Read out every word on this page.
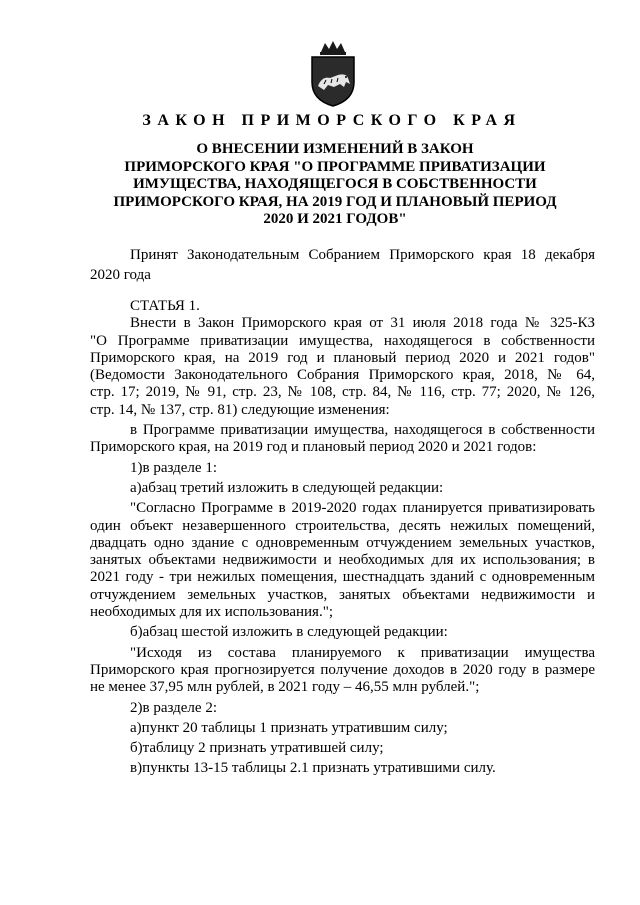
ЗАКОН ПРИМОРСКОГО КРАЯ
О ВНЕСЕНИИ ИЗМЕНЕНИЙ В ЗАКОН
ПРИМОРСКОГО КРАЯ "О ПРОГРАММЕ ПРИВАТИЗАЦИИ
ИМУЩЕСТВА, НАХОДЯЩЕГОСЯ В СОБСТВЕННОСТИ
ПРИМОРСКОГО КРАЯ, НА 2019 ГОД И ПЛАНОВЫЙ ПЕРИОД
2020 И 2021 ГОДОВ"
Принят Законодательным Собранием Приморского края 18 декабря
2020 года
СТАТЬЯ 1.
Внести в Закон Приморского края от 31 июля 2018 года № 325-КЗ
"О Программе приватизации имущества, находящегося в собственности
Приморского края, на 2019 год и плановый период 2020 и 2021 годов"
(Ведомости Законодательного Собрания Приморского края, 2018, № 64,
стр. 17; 2019, № 91, стр. 23, № 108, стр. 84, № 116, стр. 77; 2020, № 126,
стр. 14, № 137, стр. 81) следующие изменения:
в Программе приватизации имущества, находящегося в собственности
Приморского края, на 2019 год и плановый период 2020 и 2021 годов:
1)в разделе 1:
а)абзац третий изложить в следующей редакции:
"Согласно Программе в 2019-2020 годах планируется приватизировать
один объект незавершенного строительства, десять нежилых помещений,
двадцать одно здание с одновременным отчуждением земельных участков,
занятых объектами недвижимости и необходимых для их использования; в
2021 году - три нежилых помещения, шестнадцать зданий с одновременным
отчуждением земельных участков, занятых объектами недвижимости и
необходимых для их использования.";
б)абзац шестой изложить в следующей редакции:
"Исходя из состава планируемого к приватизации имущества
Приморского края прогнозируется получение доходов в 2020 году в размере
не менее 37,95 млн рублей, в 2021 году – 46,55 млн рублей.";
2)в разделе 2:
а)пункт 20 таблицы 1 признать утратившим силу;
б)таблицу 2 признать утратившей силу;
в)пункты 13-15 таблицы 2.1 признать утратившими силу.
